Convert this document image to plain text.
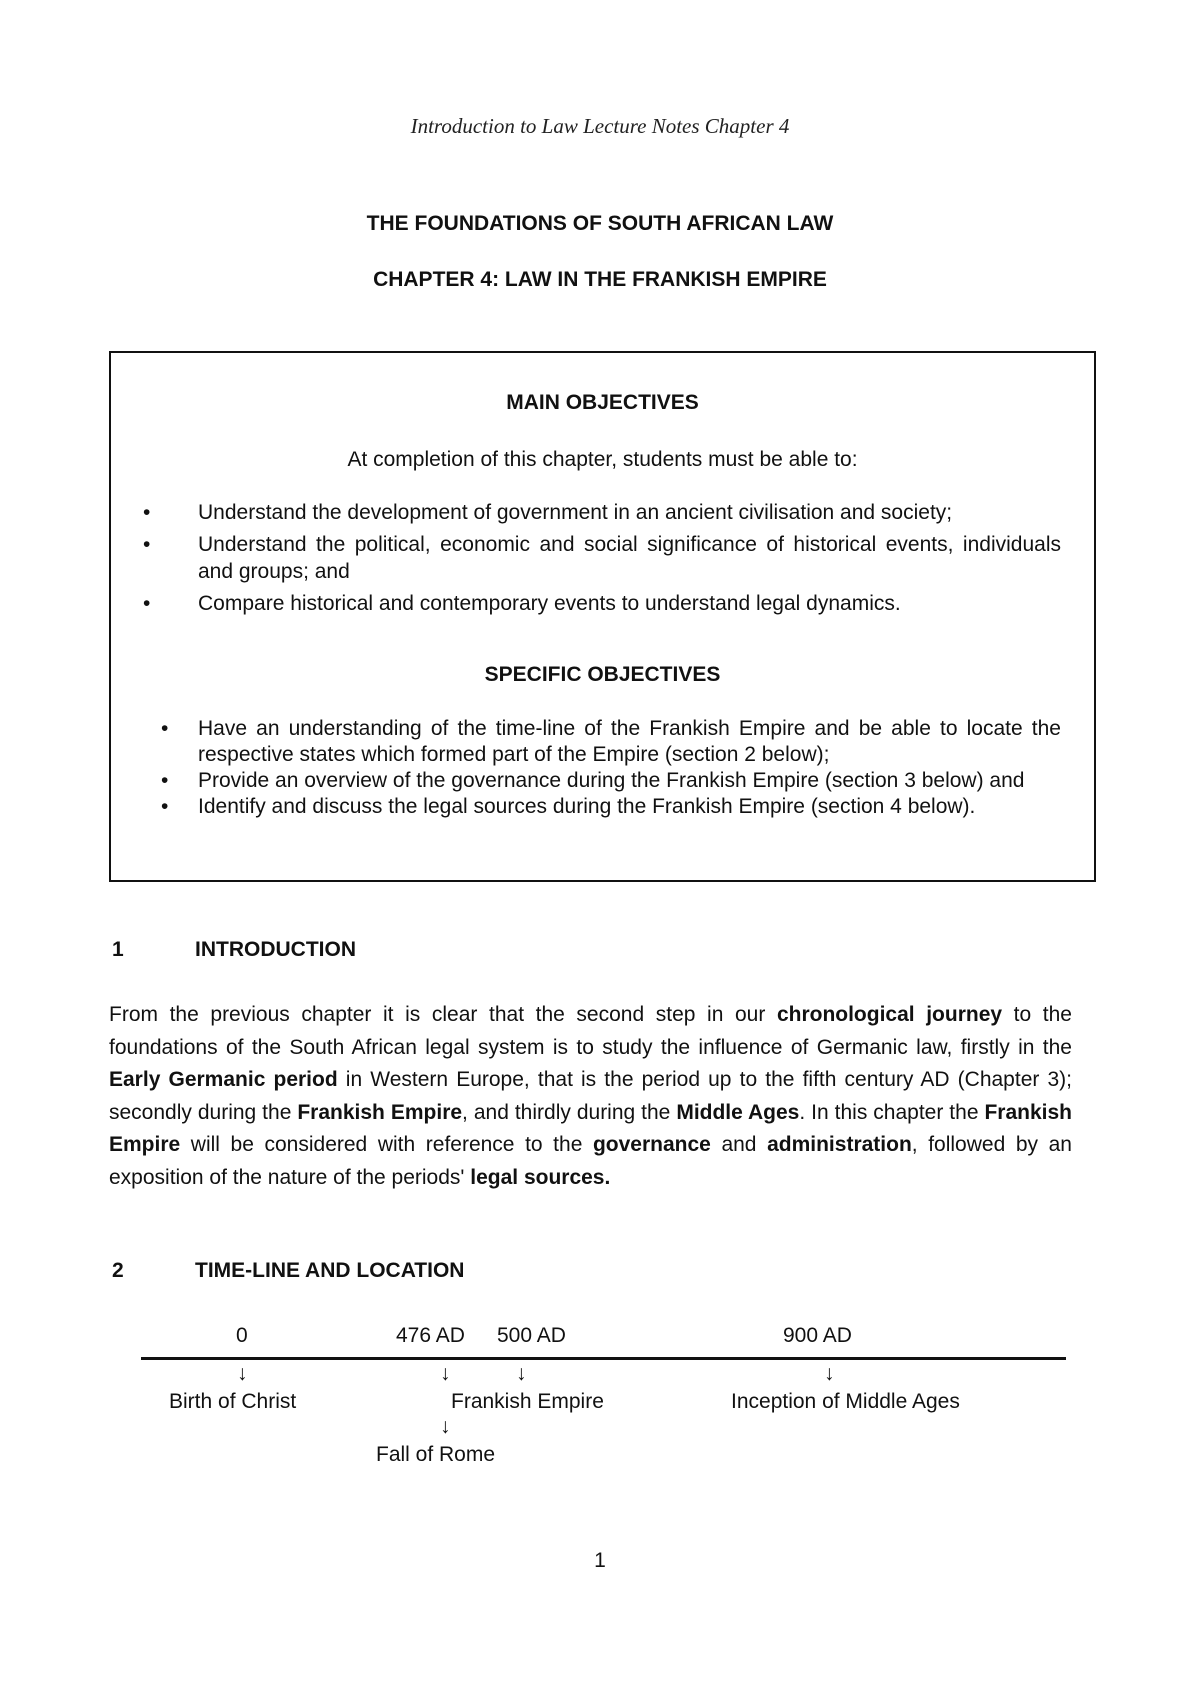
Introduction to Law Lecture Notes Chapter 4
THE FOUNDATIONS OF SOUTH AFRICAN LAW
CHAPTER 4: LAW IN THE FRANKISH EMPIRE
MAIN OBJECTIVES
At completion of this chapter, students must be able to:
• Understand the development of government in an ancient civilisation and society;
• Understand the political, economic and social significance of historical events, individuals and groups; and
• Compare historical and contemporary events to understand legal dynamics.
SPECIFIC OBJECTIVES
• Have an understanding of the time-line of the Frankish Empire and be able to locate the respective states which formed part of the Empire (section 2 below);
• Provide an overview of the governance during the Frankish Empire (section 3 below) and
• Identify and discuss the legal sources during the Frankish Empire (section 4 below).
1	INTRODUCTION

From the previous chapter it is clear that the second step in our chronological journey to the foundations of the South African legal system is to study the influence of Germanic law, firstly in the Early Germanic period in Western Europe, that is the period up to the fifth century AD (Chapter 3); secondly during the Frankish Empire, and thirdly during the Middle Ages. In this chapter the Frankish Empire will be considered with reference to the governance and administration, followed by an exposition of the nature of the periods' legal sources.

2	TIME-LINE AND LOCATION
0	476 AD 500 AD	900 AD
↓	↓	↓	↓
Birth of Christ	Frankish Empire	Inception of Middle Ages
↓
Fall of Rome
1
